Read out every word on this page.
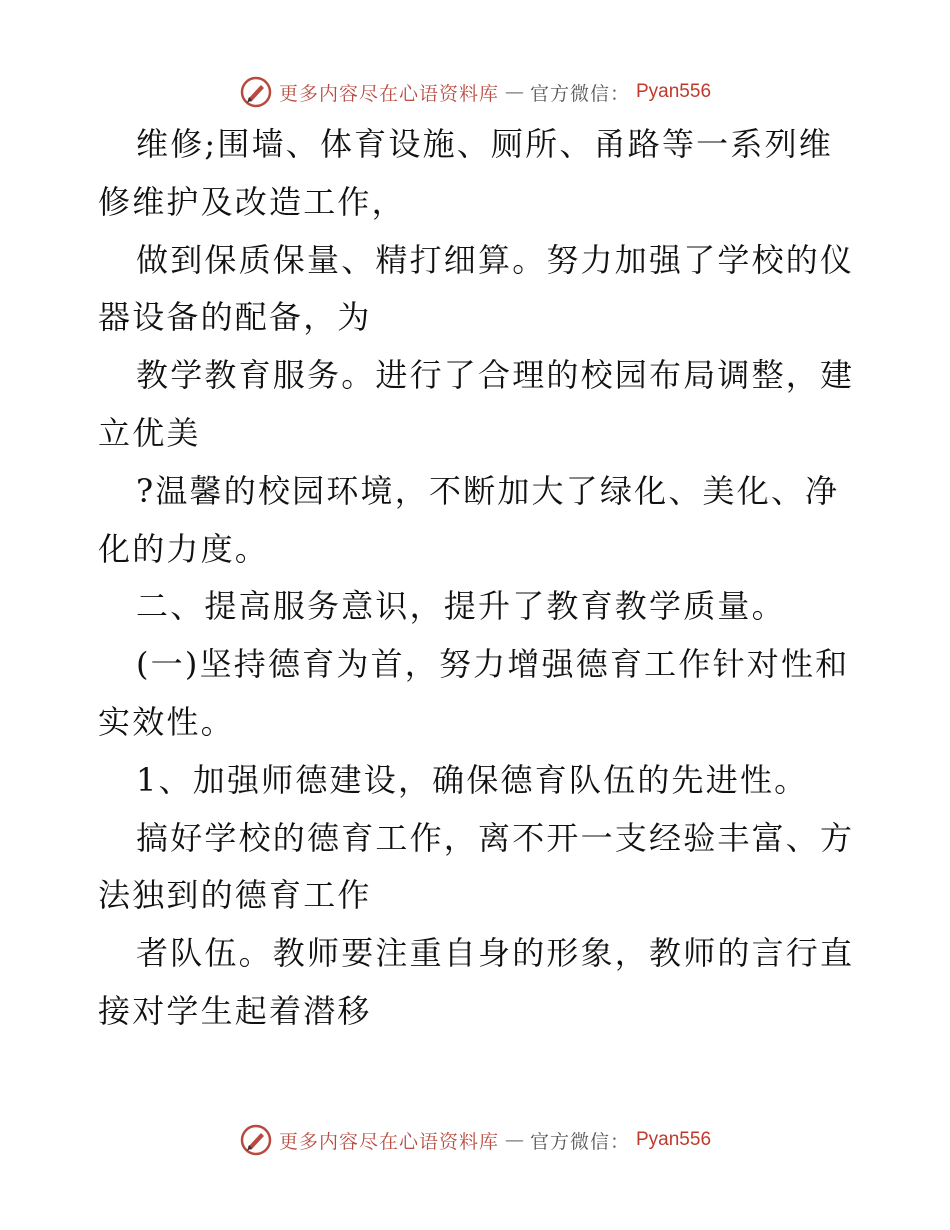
更多内容尽在心语资料库 — 官方微信： Pyan556

维修;围墙、体育设施、厕所、甬路等一系列维修维护及改造工作，

做到保质保量、精打细算。努力加强了学校的仪器设备的配备，为

教学教育服务。进行了合理的校园布局调整，建立优美

?温馨的校园环境，不断加大了绿化、美化、净化的力度。

二、提高服务意识，提升了教育教学质量。

(一)坚持德育为首，努力增强德育工作针对性和实效性。

1、加强师德建设，确保德育队伍的先进性。

搞好学校的德育工作，离不开一支经验丰富、方法独到的德育工作

者队伍。教师要注重自身的形象，教师的言行直接对学生起着潜移

更多内容尽在心语资料库 — 官方微信： Pyan556
